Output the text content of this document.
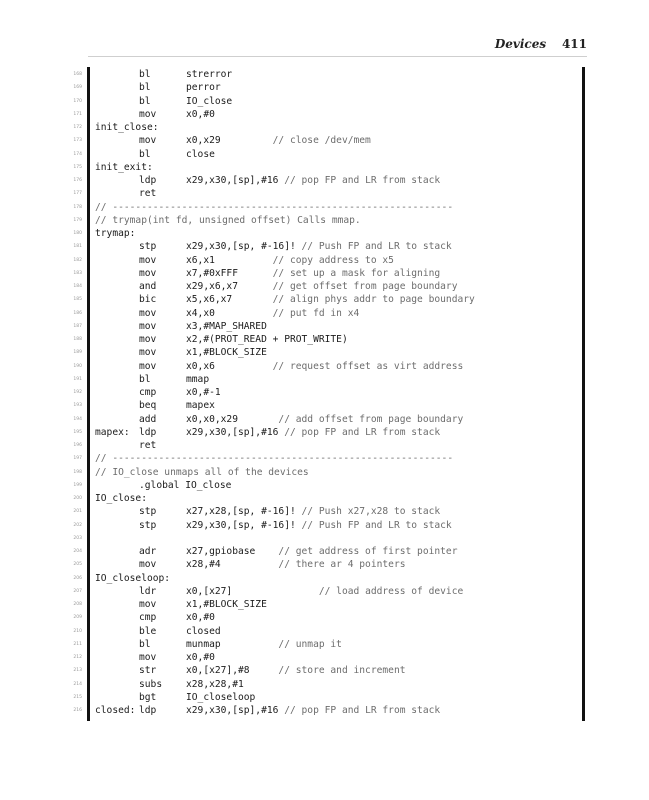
Devices 411
168	bl	strerror
169	bl	perror
170	bl	IO_close
171	mov	x0,#0
172 init_close:
173	mov	x0,x29         // close /dev/mem
174	bl	close
175 init_exit:
176	ldp	x29,x30,[sp],#16 // pop FP and LR from stack
177	ret
178 // -----------------------------------------------------------
179 // trymap(int fd, unsigned offset) Calls mmap.
180 trymap:
181	stp	x29,x30,[sp, #-16]! // Push FP and LR to stack
182	mov	x6,x1          // copy address to x5
183	mov	x7,#0xFFF      // set up a mask for aligning
184	and	x29,x6,x7      // get offset from page boundary
185	bic	x5,x6,x7       // align phys addr to page boundary
186	mov	x4,x0          // put fd in x4
187	mov	x3,#MAP_SHARED
188	mov	x2,#(PROT_READ + PROT_WRITE)
189	mov	x1,#BLOCK_SIZE
190	mov	x0,x6          // request offset as virt address
191	bl	mmap
192	cmp	x0,#-1
193	beq	mapex
194	add	x0,x0,x29       // add offset from page boundary
195 mapex: ldp	x29,x30,[sp],#16 // pop FP and LR from stack
196	ret
197 // -----------------------------------------------------------
198 // IO_close unmaps all of the devices
199	.global IO_close
200 IO_close:
201	stp	x27,x28,[sp, #-16]! // Push x27,x28 to stack
202	stp	x29,x30,[sp, #-16]! // Push FP and LR to stack
203
204	adr	x27,gpiobase    // get address of first pointer
205	mov	x28,#4          // there ar 4 pointers
206 IO_closeloop:
207	ldr	x0,[x27]               // load address of device
208	mov	x1,#BLOCK_SIZE
209	cmp	x0,#0
210	ble	closed
211	bl	munmap          // unmap it
212	mov	x0,#0
213	str	x0,[x27],#8     // store and increment
214	subs x28,x28,#1
215	bgt	IO_closeloop
216 closed: ldp	x29,x30,[sp],#16 // pop FP and LR from stack
